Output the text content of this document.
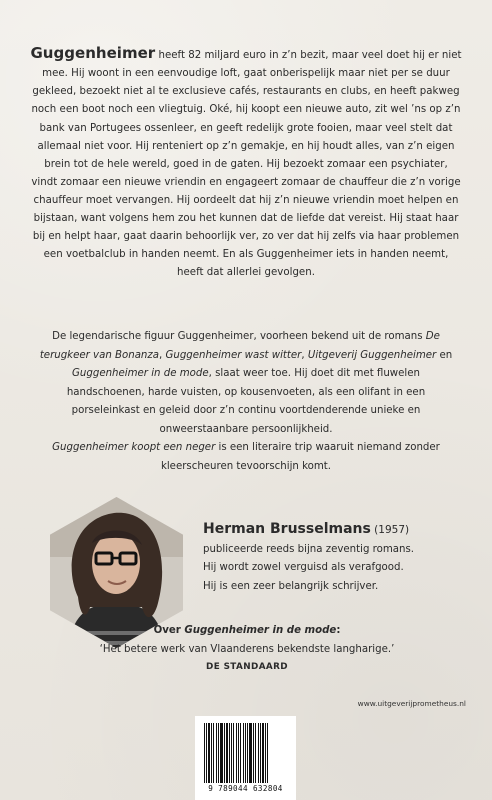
Guggenheimer heeft 82 miljard euro in z’n bezit, maar veel doet hij er niet mee. Hij woont in een eenvoudige loft, gaat onberispelijk maar niet per se duur gekleed, bezoekt niet al te exclusieve cafés, restaurants en clubs, en heeft pakweg noch een boot noch een vliegtuig. Oké, hij koopt een nieuwe auto, zit wel ’ns op z’n bank van Portugees ossenleer, en geeft redelijk grote fooien, maar veel stelt dat allemaal niet voor. Hij renteniert op z’n gemakje, en hij houdt alles, van z’n eigen brein tot de hele wereld, goed in de gaten. Hij bezoekt zomaar een psychiater, vindt zomaar een nieuwe vriendin en engageert zomaar de chauffeur die z’n vorige chauffeur moet vervangen. Hij oordeelt dat hij z’n nieuwe vriendin moet helpen en bijstaan, want volgens hem zou het kunnen dat de liefde dat vereist. Hij staat haar bij en helpt haar, gaat daarin behoorlijk ver, zo ver dat hij zelfs via haar problemen een voetbalclub in handen neemt. En als Guggenheimer iets in handen neemt, heeft dat allerlei gevolgen.

De legendarische figuur Guggenheimer, voorheen bekend uit de romans De terugkeer van Bonanza, Guggenheimer wast witter, Uitgeverij Guggenheimer en Guggenheimer in de mode, slaat weer toe. Hij doet dit met fluwelen handschoenen, harde vuisten, op kousenvoeten, als een olifant in een porseleinkast en geleid door z’n continu voortdenderende unieke en onweerstaanbare persoonlijkheid.
Guggenheimer koopt een neger is een literaire trip waaruit niemand zonder kleerscheuren tevoorschijn komt.

Herman Brusselmans (1957)
publiceerde reeds bijna zeventig romans.
Hij wordt zowel verguisd als verafgood.
Hij is een zeer belangrijk schrijver.
Over Guggenheimer in de mode:
‘Het betere werk van Vlaanderens bekendste langharige.’
DE STANDAARD
www.uitgeverijprometheus.nl
9 789044 632804
